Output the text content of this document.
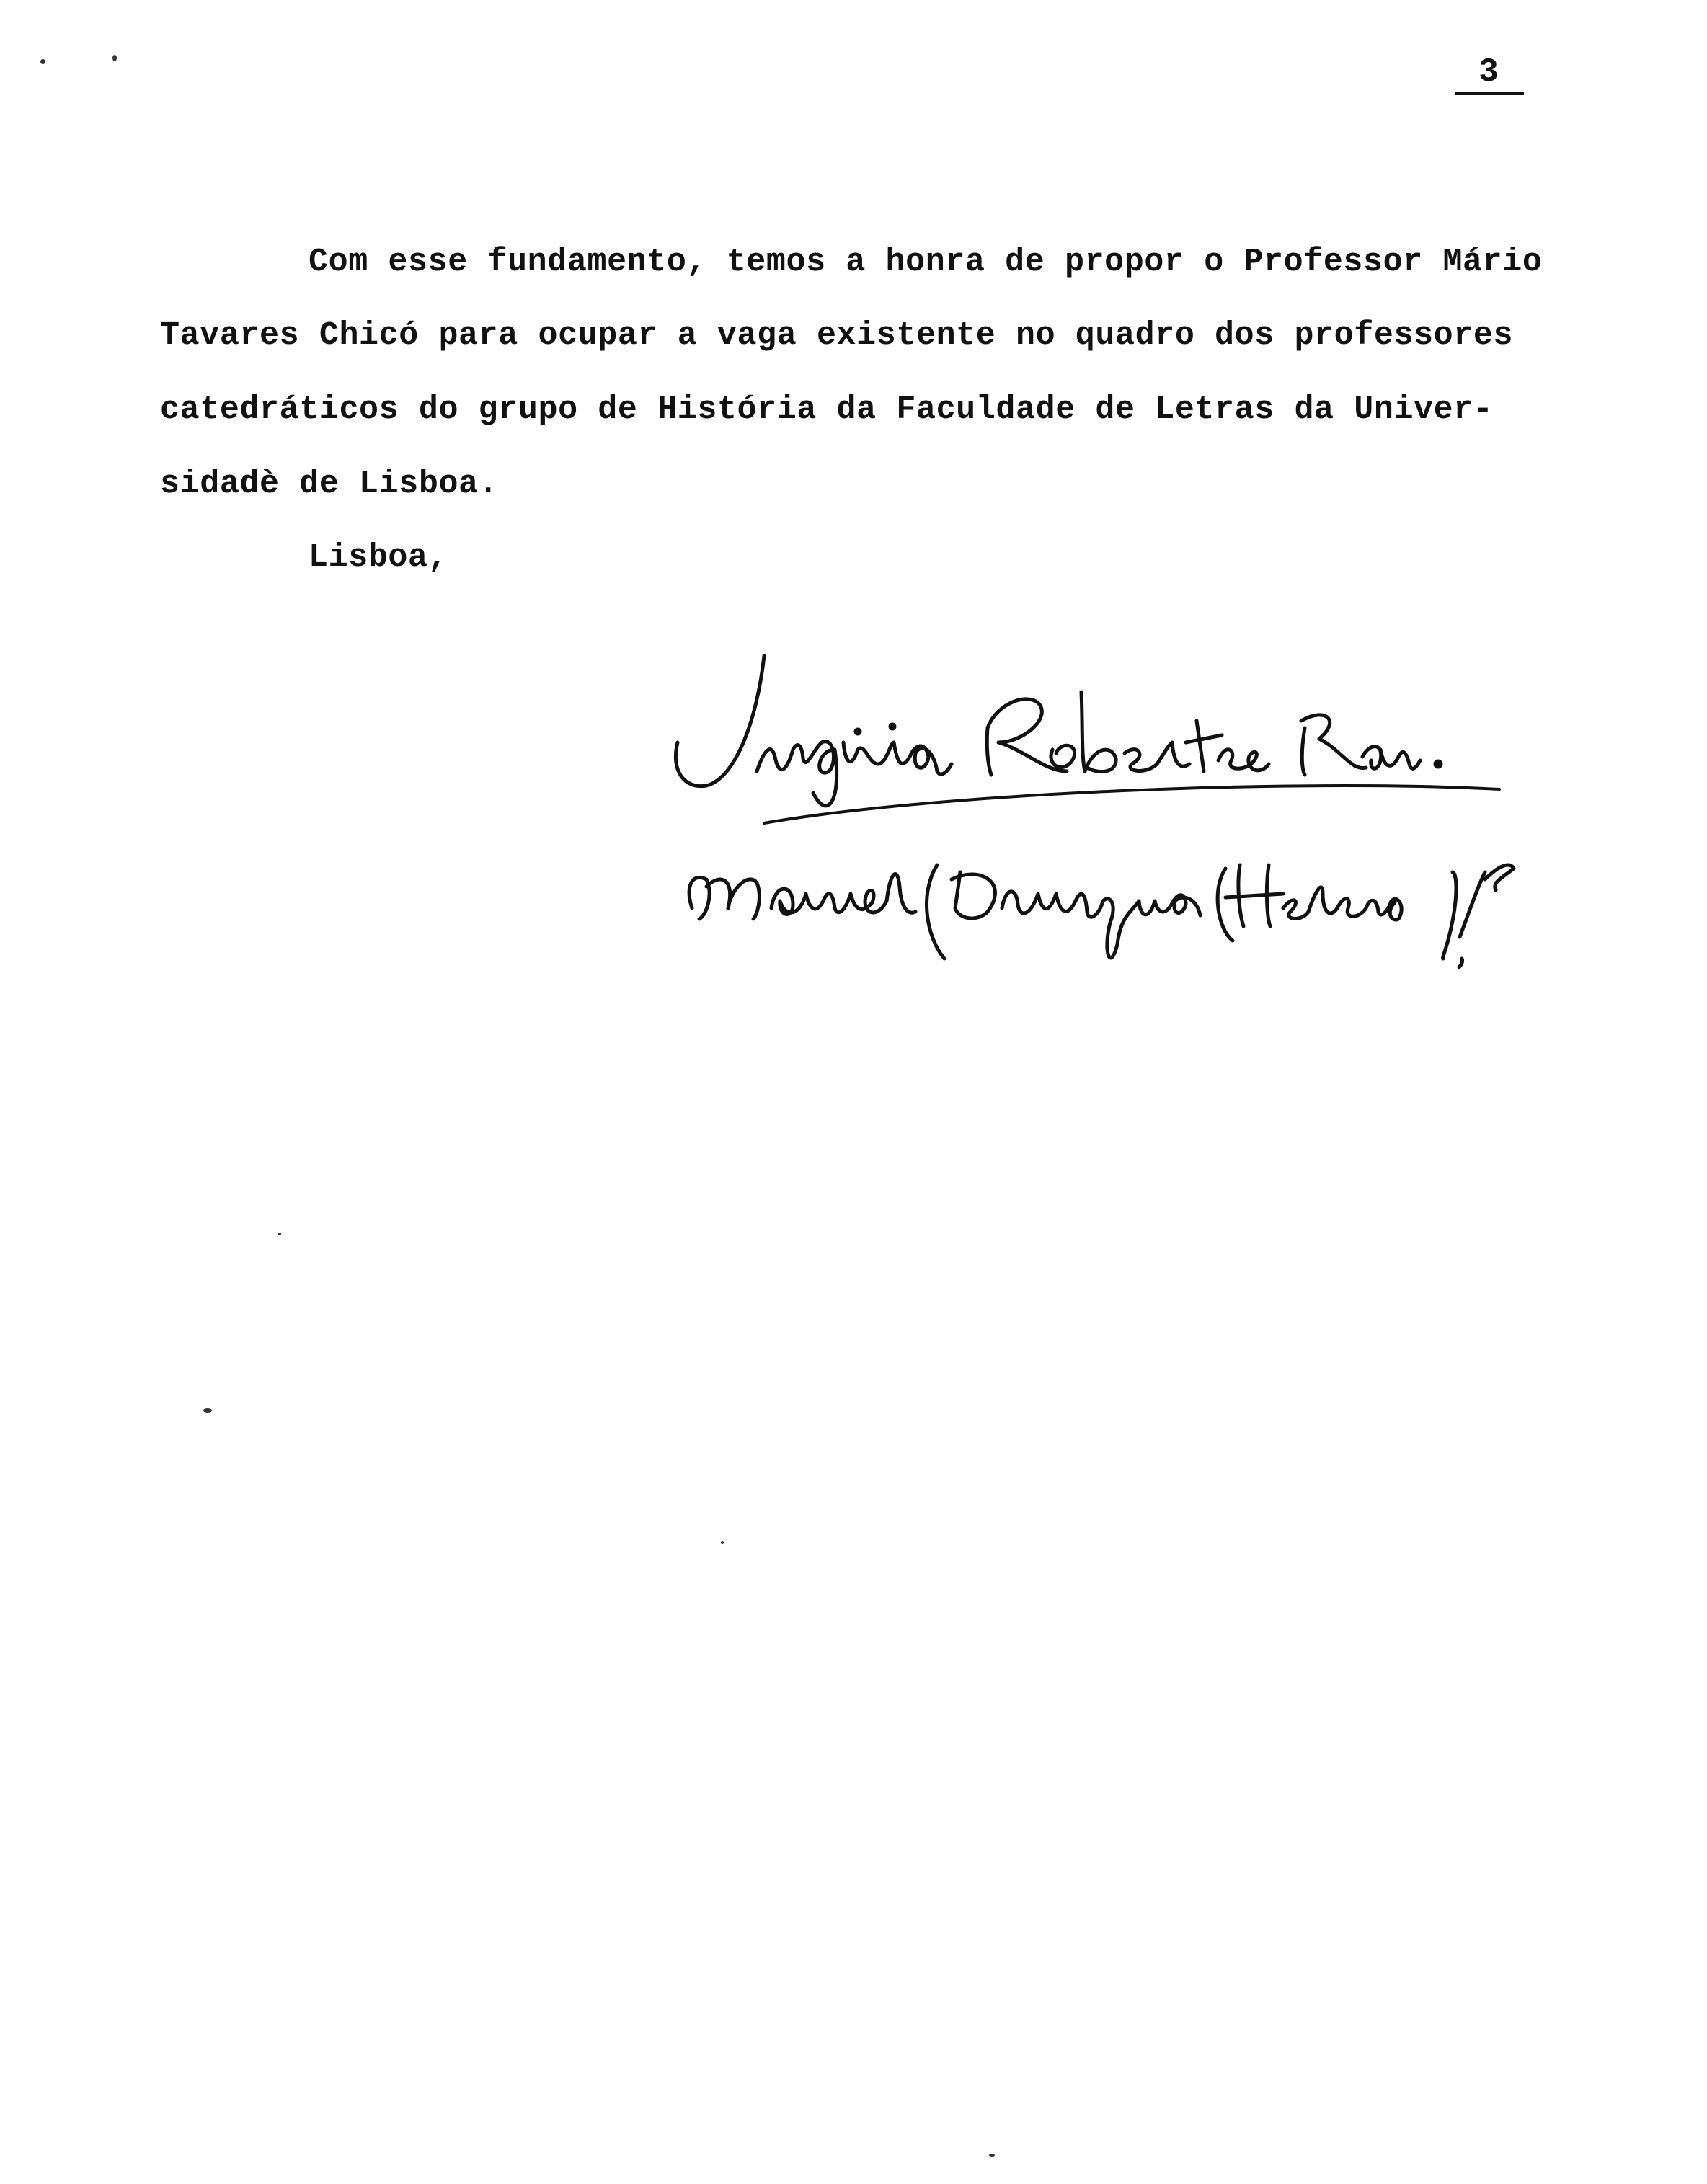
3
Com esse fundamento, temos a honra de propor o Professor Mário
Tavares Chicó para ocupar a vaga existente no quadro dos professores
catedráticos do grupo de História da Faculdade de Letras da Univer-
sidadè de Lisboa.
Lisboa,
